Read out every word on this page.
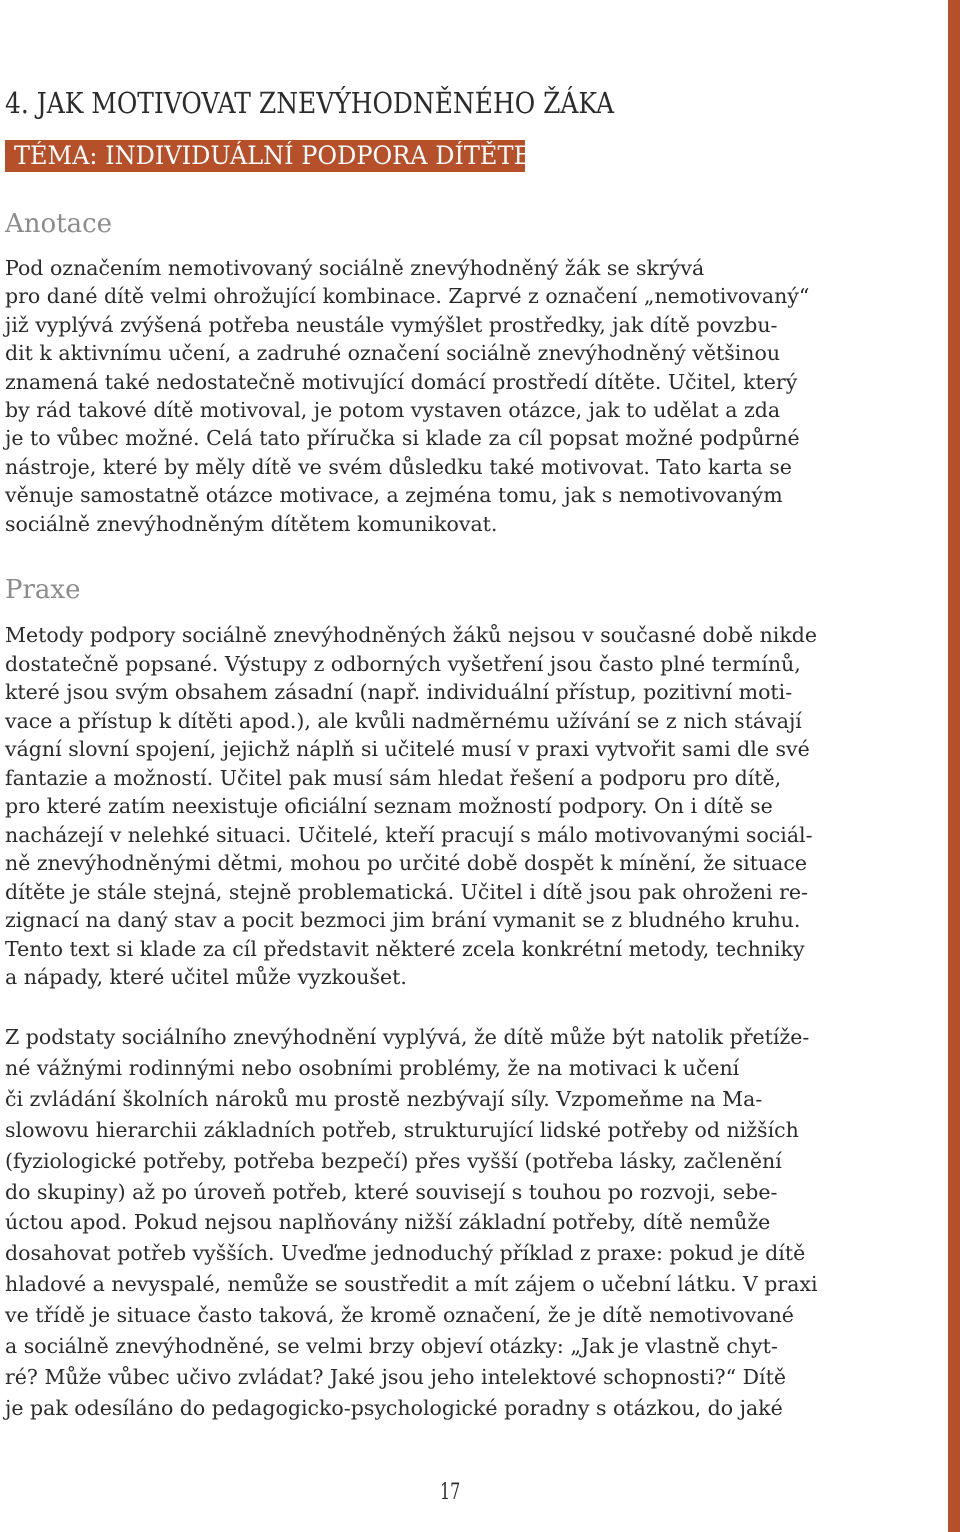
4. JAK MOTIVOVAT ZNEVÝHODNĚNÉHO ŽÁKA
TÉMA: INDIVIDUÁLNÍ PODPORA DÍTĚTE
Anotace
Pod označením nemotivovaný sociálně znevýhodněný žák se skrývá
pro dané dítě velmi ohrožující kombinace. Zaprvé z označení „nemotivovaný“
již vyplývá zvýšená potřeba neustále vymýšlet prostředky, jak dítě povzbu-
dit k aktivnímu učení, a zadruhé označení sociálně znevýhodněný většinou
znamená také nedostatečně motivující domácí prostředí dítěte. Učitel, který
by rád takové dítě motivoval, je potom vystaven otázce, jak to udělat a zda
je to vůbec možné. Celá tato příručka si klade za cíl popsat možné podpůrné
nástroje, které by měly dítě ve svém důsledku také motivovat. Tato karta se
věnuje samostatně otázce motivace, a zejména tomu, jak s nemotivovaným
sociálně znevýhodněným dítětem komunikovat.
Praxe
Metody podpory sociálně znevýhodněných žáků nejsou v současné době nikde
dostatečně popsané. Výstupy z odborných vyšetření jsou často plné termínů,
které jsou svým obsahem zásadní (např. individuální přístup, pozitivní moti-
vace a přístup k dítěti apod.), ale kvůli nadměrnému užívání se z nich stávají
vágní slovní spojení, jejichž náplň si učitelé musí v praxi vytvořit sami dle své
fantazie a možností. Učitel pak musí sám hledat řešení a podporu pro dítě,
pro které zatím neexistuje oficiální seznam možností podpory. On i dítě se
nacházejí v nelehké situaci. Učitelé, kteří pracují s málo motivovanými sociál-
ně znevýhodněnými dětmi, mohou po určité době dospět k mínění, že situace
dítěte je stále stejná, stejně problematická. Učitel i dítě jsou pak ohroženi re-
zignací na daný stav a pocit bezmoci jim brání vymanit se z bludného kruhu.
Tento text si klade za cíl představit některé zcela konkrétní metody, techniky
a nápady, které učitel může vyzkoušet.
Z podstaty sociálního znevýhodnění vyplývá, že dítě může být natolik přetíže-
né vážnými rodinnými nebo osobními problémy, že na motivaci k učení
či zvládání školních nároků mu prostě nezbývají síly. Vzpomeňme na Ma-
slowovu hierarchii základních potřeb, strukturující lidské potřeby od nižších
(fyziologické potřeby, potřeba bezpečí) přes vyšší (potřeba lásky, začlenění
do skupiny) až po úroveň potřeb, které souvisejí s touhou po rozvoji, sebe-
úctou apod. Pokud nejsou naplňovány nižší základní potřeby, dítě nemůže
dosahovat potřeb vyšších. Uveďme jednoduchý příklad z praxe: pokud je dítě
hladové a nevyspalé, nemůže se soustředit a mít zájem o učební látku. V praxi
ve třídě je situace často taková, že kromě označení, že je dítě nemotivované
a sociálně znevýhodněné, se velmi brzy objeví otázky: „Jak je vlastně chyt-
ré? Může vůbec učivo zvládat? Jaké jsou jeho intelektové schopnosti?“ Dítě
je pak odesíláno do pedagogicko-psychologické poradny s otázkou, do jaké
17
